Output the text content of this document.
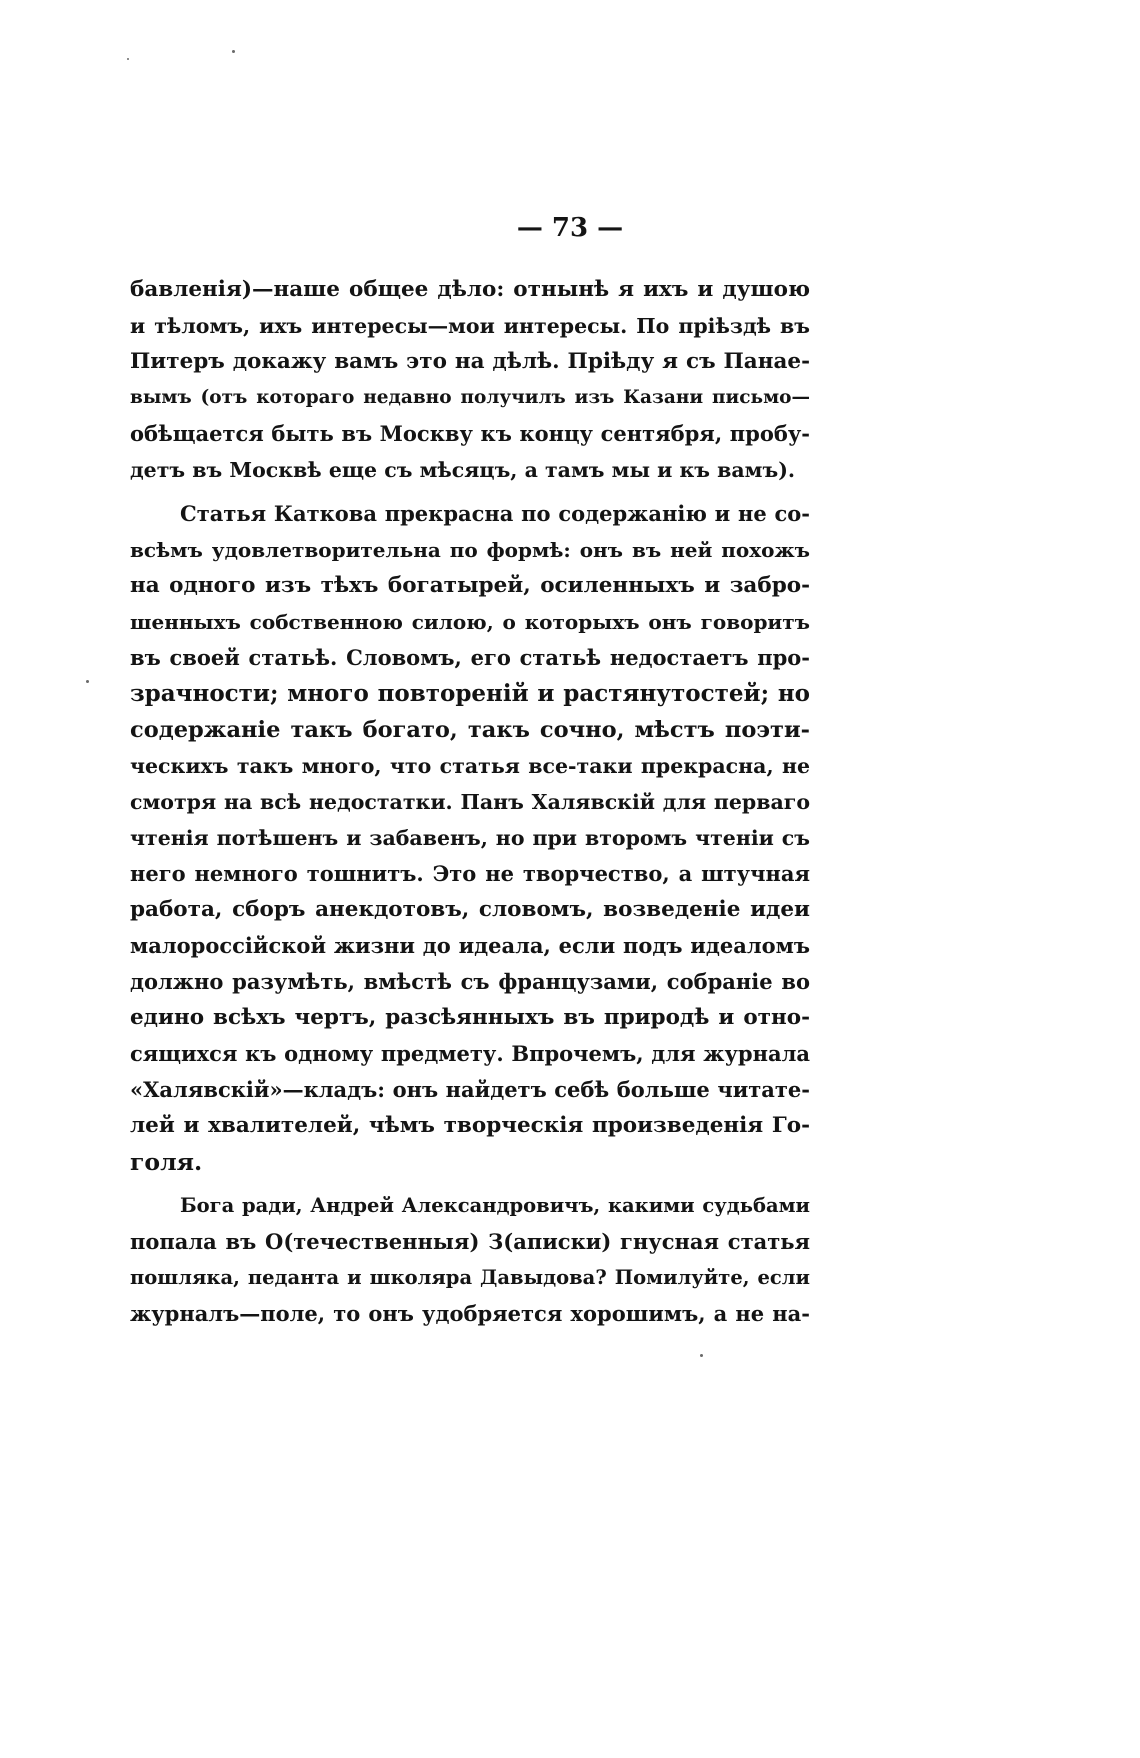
— 73 —
бавленія)—наше общее дѣло: отнынѣ я ихъ и душою
и тѣломъ, ихъ интересы—мои интересы. По пріѣздѣ въ
Питеръ докажу вамъ это на дѣлѣ. Пріѣду я съ Панае-
вымъ (отъ котораго недавно получилъ изъ Казани письмо—
обѣщается быть въ Москву къ концу сентября, пробу-
детъ въ Москвѣ еще съ мѣсяцъ, а тамъ мы и къ вамъ).
Статья Каткова прекрасна по содержанію и не со-
всѣмъ удовлетворительна по формѣ: онъ въ ней похожъ
на одного изъ тѣхъ богатырей, осиленныхъ и забро-
шенныхъ собственною силою, о которыхъ онъ говоритъ
въ своей статьѣ. Словомъ, его статьѣ недостаетъ про-
зрачности; много повтореній и растянутостей; но
содержаніе такъ богато, такъ сочно, мѣстъ поэти-
ческихъ такъ много, что статья все-таки прекрасна, не
смотря на всѣ недостатки. Панъ Халявскій для перваго
чтенія потѣшенъ и забавенъ, но при второмъ чтеніи съ
него немного тошнитъ. Это не творчество, а штучная
работа, сборъ анекдотовъ, словомъ, возведеніе идеи
малороссійской жизни до идеала, если подъ идеаломъ
должно разумѣть, вмѣстѣ съ французами, собраніе во
едино всѣхъ чертъ, разсѣянныхъ въ природѣ и отно-
сящихся къ одному предмету. Впрочемъ, для журнала
«Халявскій»—кладъ: онъ найдетъ себѣ больше читате-
лей и хвалителей, чѣмъ творческія произведенія Го-
голя.
Бога ради, Андрей Александровичъ, какими судьбами
попала въ О(течественныя) З(аписки) гнусная статья
пошляка, педанта и школяра Давыдова? Помилуйте, если
журналъ—поле, то онъ удобряется хорошимъ, а не на-
